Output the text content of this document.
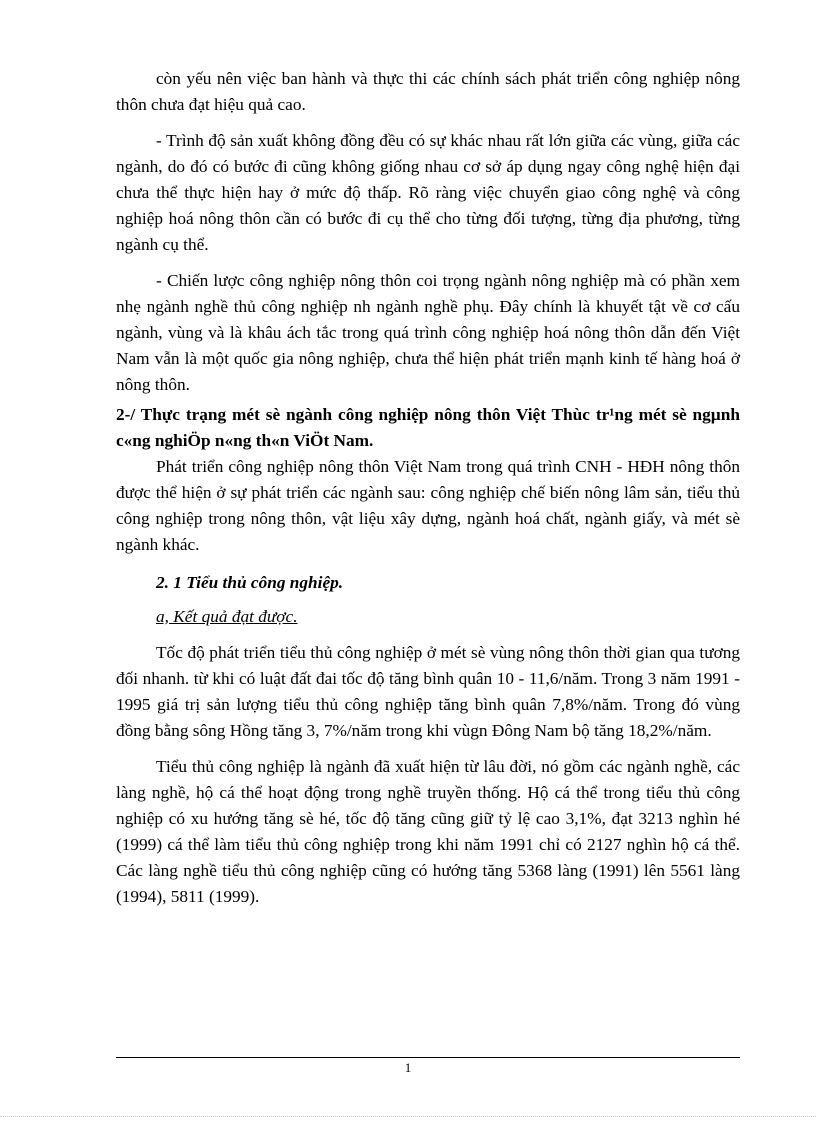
còn yếu nên việc ban hành và thực thi các chính sách phát triển công nghiệp nông thôn chưa đạt hiệu quả cao.

- Trình độ sản xuất không đồng đều có sự khác nhau rất lớn giữa các vùng, giữa các ngành, do đó có bước đi cũng không giống nhau cơ sở áp dụng ngay công nghệ hiện đại chưa thể thực hiện hay ở mức độ thấp. Rõ ràng việc chuyển giao công nghệ và công nghiệp hoá nông thôn cần có bước đi cụ thể cho từng đối tượng, từng địa phương, từng ngành cụ thể.

- Chiến lược công nghiệp nông thôn coi trọng ngành nông nghiệp mà có phần xem nhẹ ngành nghề thủ công nghiệp nh ngành nghề phụ. Đây chính là khuyết tật về cơ cấu ngành, vùng và là khâu ách tắc trong quá trình công nghiệp hoá nông thôn dẫn đến Việt Nam vẫn là một quốc gia nông nghiệp, chưa thể hiện phát triển mạnh kinh tế hàng hoá ở nông thôn.

2-/ Thực trạng mét sè ngành công nghiệp nông thôn Việt Thùc tr¹ng mét sè ngµnh c«ng nghiÖp n«ng th«n ViÖt Nam.

Phát triển công nghiệp nông thôn Việt Nam trong quá trình CNH - HĐH nông thôn được thể hiện ở sự phát triển các ngành sau: công nghiệp chế biến nông lâm sản, tiểu thủ công nghiệp trong nông thôn, vật liệu xây dựng, ngành hoá chất, ngành giấy, và mét sè ngành khác.

2. 1 Tiểu thủ công nghiệp.

a, Kết quả đạt được.

Tốc độ phát triển tiểu thủ công nghiệp ở mét sè vùng nông thôn thời gian qua tương đối nhanh. từ khi có luật đất đai tốc độ tăng bình quân 10 - 11,6/năm. Trong 3 năm 1991 - 1995 giá trị sản lượng tiểu thủ công nghiệp tăng bình quân 7,8%/năm. Trong đó vùng đồng bằng sông Hồng tăng 3, 7%/năm trong khi vùgn Đông Nam bộ tăng 18,2%/năm.

Tiểu thủ công nghiệp là ngành đã xuất hiện từ lâu đời, nó gồm các ngành nghề, các làng nghề, hộ cá thể hoạt động trong nghề truyền thống. Hộ cá thể trong tiểu thủ công nghiệp có xu hướng tăng sè hé, tốc độ tăng cũng giữ tỷ lệ cao 3,1%, đạt 3213 nghìn hé (1999) cá thể làm tiểu thủ công nghiệp trong khi năm 1991 chỉ có 2127 nghìn hộ cá thể. Các làng nghề tiểu thủ công nghiệp cũng có hướng tăng 5368 làng (1991) lên 5561 làng (1994), 5811 (1999).

1
